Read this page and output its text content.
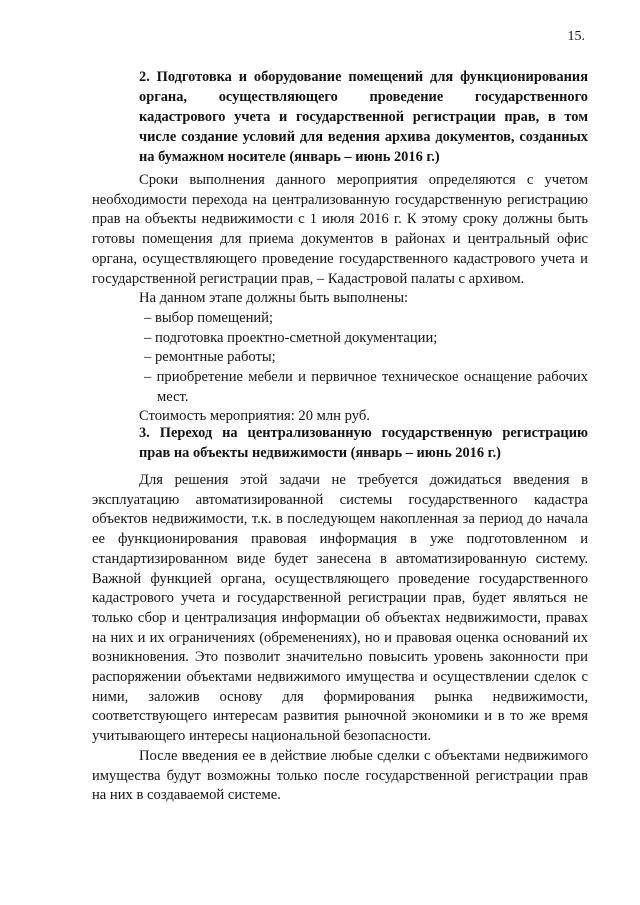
15.
2. Подготовка и оборудование помещений для функционирования органа, осуществляющего проведение государственного кадастрового учета и государственной регистрации прав, в том числе создание условий для ведения архива документов, созданных на бумажном носителе (январь – июнь 2016 г.)

Сроки выполнения данного мероприятия определяются с учетом необходимости перехода на централизованную государственную регистрацию прав на объекты недвижимости с 1 июля 2016 г. К этому сроку должны быть готовы помещения для приема документов в районах и центральный офис органа, осуществляющего проведение государственного кадастрового учета и государственной регистрации прав, – Кадастровой палаты с архивом.

На данном этапе должны быть выполнены:

– выбор помещений;

– подготовка проектно-сметной документации;

– ремонтные работы;

– приобретение мебели и первичное техническое оснащение рабочих мест.

Стоимость мероприятия: 20 млн руб.

3. Переход на централизованную государственную регистрацию прав на объекты недвижимости (январь – июнь 2016 г.)

Для решения этой задачи не требуется дожидаться введения в эксплуатацию автоматизированной системы государственного кадастра объектов недвижимости, т.к. в последующем накопленная за период до начала ее функционирования правовая информация в уже подготовленном и стандартизированном виде будет занесена в автоматизированную систему. Важной функцией органа, осуществляющего проведение государственного кадастрового учета и государственной регистрации прав, будет являться не только сбор и централизация информации об объектах недвижимости, правах на них и их ограничениях (обременениях), но и правовая оценка оснований их возникновения. Это позволит значительно повысить уровень законности при распоряжении объектами недвижимого имущества и осуществлении сделок с ними, заложив основу для формирования рынка недвижимости, соответствующего интересам развития рыночной экономики и в то же время учитывающего интересы национальной безопасности.

После введения ее в действие любые сделки с объектами недвижимого имущества будут возможны только после государственной регистрации прав на них в создаваемой системе.
